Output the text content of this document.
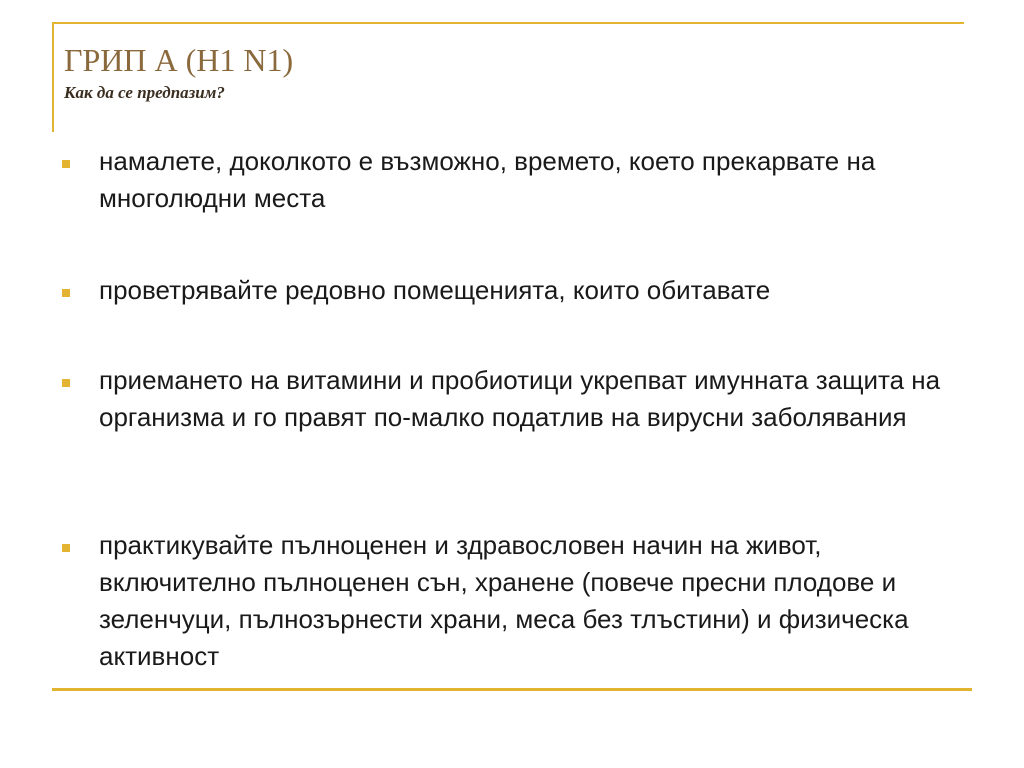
ГРИП А (H1 N1)
Как да се предпазим?
намалете, доколкото е възможно, времето, което прекарвате на многолюдни места
проветрявайте редовно помещенията, които обитавате
приемането на витамини и пробиотици укрепват имунната защита на организма и го правят по-малко податлив на вирусни заболявания
практикувайте пълноценен и здравословен начин на живот, включително пълноценен сън, хранене (повече пресни плодове и зеленчуци, пълнозърнести храни, меса без тлъстини) и физическа активност
